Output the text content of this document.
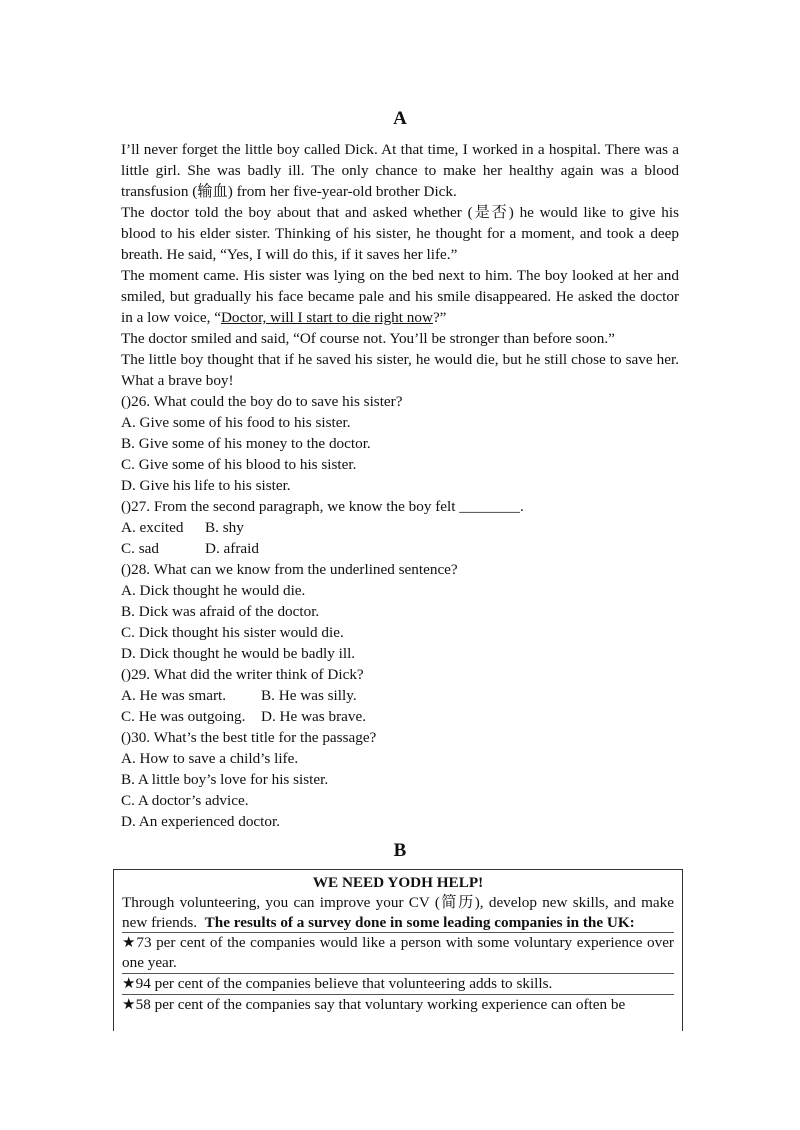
A

I’ll never forget the little boy called Dick. At that time, I worked in a hospital. There was a little girl. She was badly ill. The only chance to make her healthy again was a blood transfusion (输血) from her five-year-old brother Dick.

The doctor told the boy about that and asked whether (是否) he would like to give his blood to his elder sister. Thinking of his sister, he thought for a moment, and took a deep breath. He said, “Yes, I will do this, if it saves her life.”

The moment came. His sister was lying on the bed next to him. The boy looked at her and smiled, but gradually his face became pale and his smile disappeared. He asked the doctor in a low voice, “Doctor, will I start to die right now?”

The doctor smiled and said, “Of course not. You’ll be stronger than before soon.”

The little boy thought that if he saved his sister, he would die, but he still chose to save her. What a brave boy!

()26. What could the boy do to save his sister?

A. Give some of his food to his sister.

B. Give some of his money to the doctor.

C. Give some of his blood to his sister.

D. Give his life to his sister.

()27. From the second paragraph, we know the boy felt ________.

A. excited	B. shy
C. sad	D. afraid

()28. What can we know from the underlined sentence?

A. Dick thought he would die.

B. Dick was afraid of the doctor.

C. Dick thought his sister would die.

D. Dick thought he would be badly ill.

()29. What did the writer think of Dick?

A. He was smart.	B. He was silly.
C. He was outgoing.	D. He was brave.

()30. What’s the best title for the passage?

A. How to save a child’s life.

B. A little boy’s love for his sister.

C. A doctor’s advice.

D. An experienced doctor.

B

WE NEED YODH HELP!

Through volunteering, you can improve your CV (简历), develop new skills, and make new friends. The results of a survey done in some leading companies in the UK:

★73 per cent of the companies would like a person with some voluntary experience over one year.

★94 per cent of the companies believe that volunteering adds to skills.

★58 per cent of the companies say that voluntary working experience can often be
